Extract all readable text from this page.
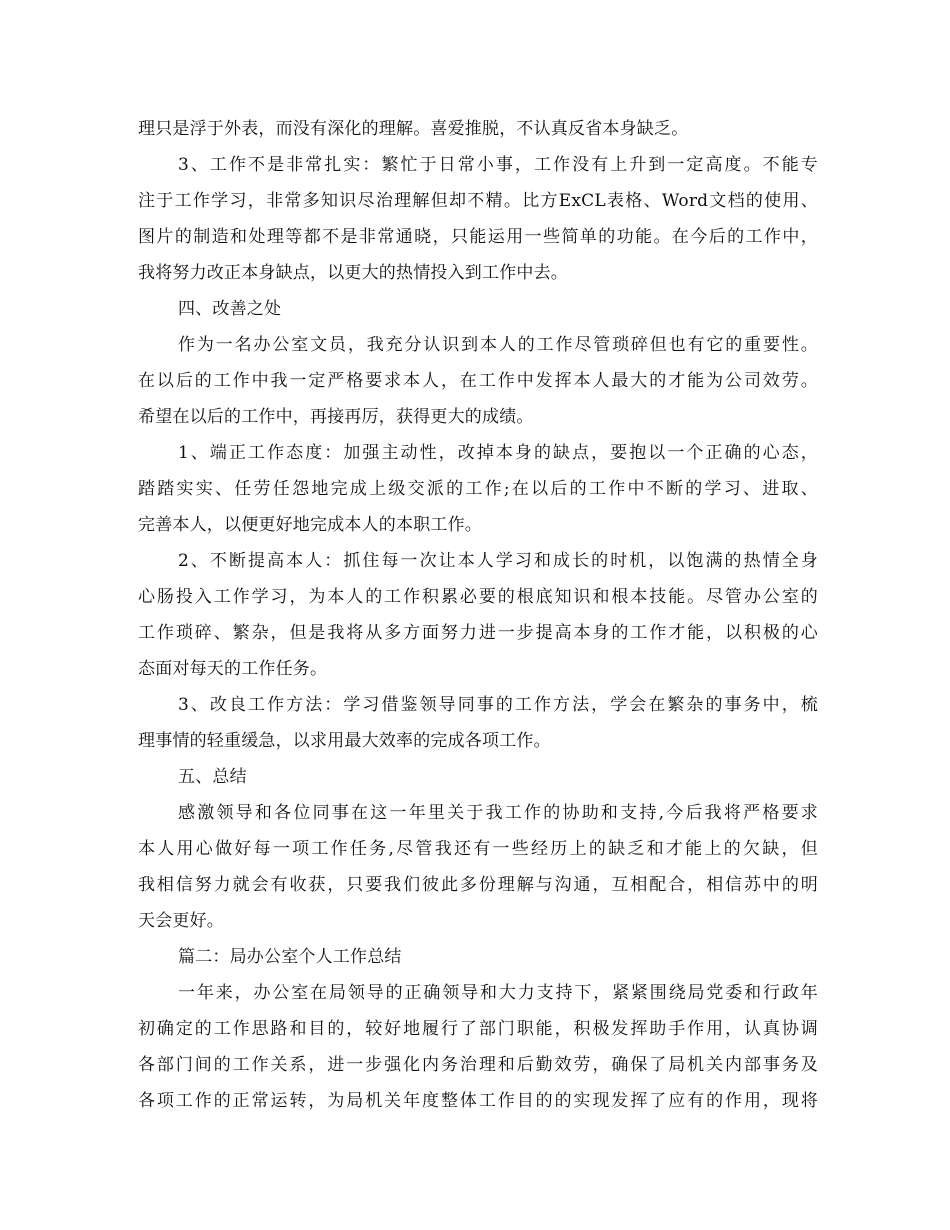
理只是浮于外表，而没有深化的理解。喜爱推脱，不认真反省本身缺乏。
3、工作不是非常扎实：繁忙于日常小事，工作没有上升到一定高度。不能专
注于工作学习，非常多知识尽治理解但却不精。比方ExCL表格、Word文档的使用、
图片的制造和处理等都不是非常通晓，只能运用一些简单的功能。在今后的工作中，
我将努力改正本身缺点，以更大的热情投入到工作中去。
四、改善之处
作为一名办公室文员，我充分认识到本人的工作尽管琐碎但也有它的重要性。
在以后的工作中我一定严格要求本人，在工作中发挥本人最大的才能为公司效劳。
希望在以后的工作中，再接再厉，获得更大的成绩。
1、端正工作态度：加强主动性，改掉本身的缺点，要抱以一个正确的心态，
踏踏实实、任劳任怨地完成上级交派的工作;在以后的工作中不断的学习、进取、
完善本人，以便更好地完成本人的本职工作。
2、不断提高本人：抓住每一次让本人学习和成长的时机，以饱满的热情全身
心肠投入工作学习，为本人的工作积累必要的根底知识和根本技能。尽管办公室的
工作琐碎、繁杂，但是我将从多方面努力进一步提高本身的工作才能，以积极的心
态面对每天的工作任务。
3、改良工作方法：学习借鉴领导同事的工作方法，学会在繁杂的事务中，梳
理事情的轻重缓急，以求用最大效率的完成各项工作。
五、总结
感激领导和各位同事在这一年里关于我工作的协助和支持,今后我将严格要求
本人用心做好每一项工作任务,尽管我还有一些经历上的缺乏和才能上的欠缺，但
我相信努力就会有收获，只要我们彼此多份理解与沟通，互相配合，相信苏中的明
天会更好。
篇二：局办公室个人工作总结
一年来，办公室在局领导的正确领导和大力支持下，紧紧围绕局党委和行政年
初确定的工作思路和目的，较好地履行了部门职能，积极发挥助手作用，认真协调
各部门间的工作关系，进一步强化内务治理和后勤效劳，确保了局机关内部事务及
各项工作的正常运转，为局机关年度整体工作目的的实现发挥了应有的作用，现将
